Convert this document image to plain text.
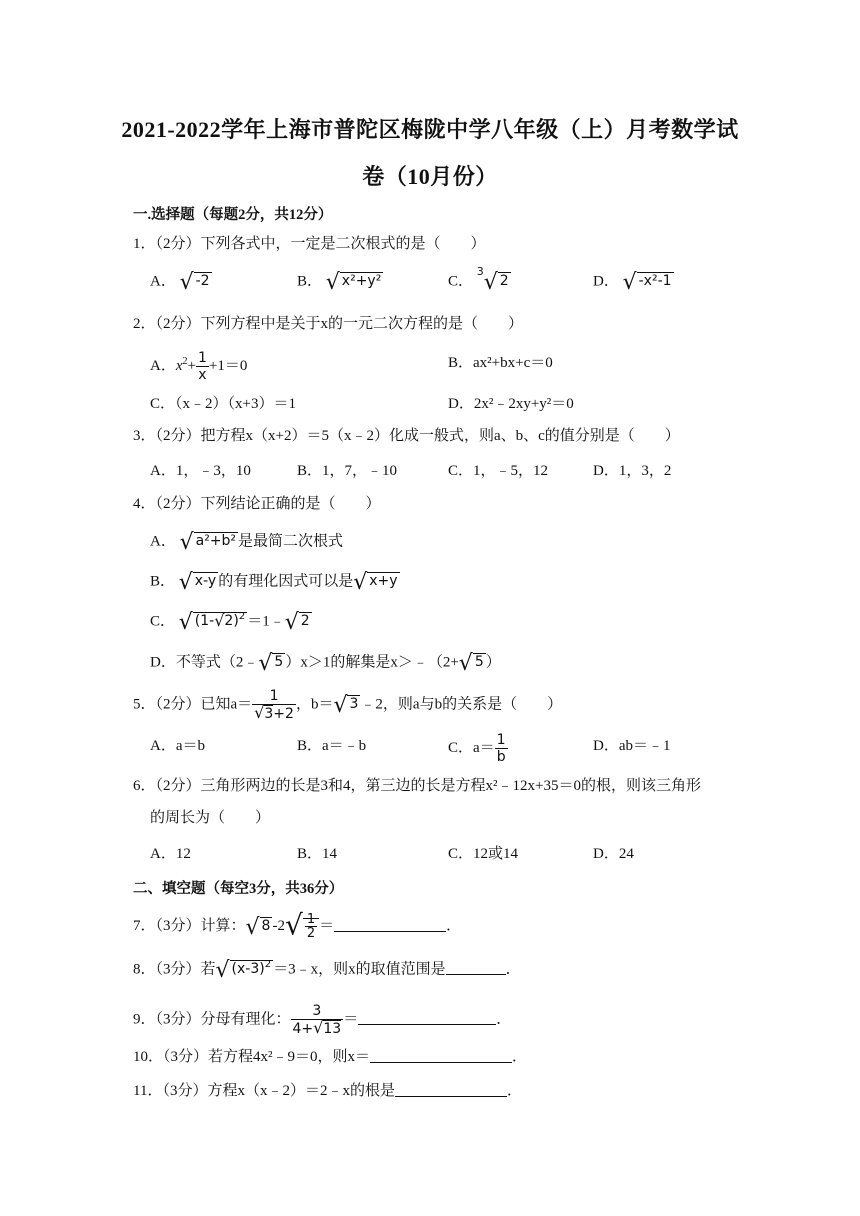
2021-2022学年上海市普陀区梅陇中学八年级（上）月考数学试
卷（10月份）
一.选择题（每题2分，共12分）
1．（2分）下列各式中，一定是二次根式的是（　　）
A． √ -2	B． √ x²+y²	C． $^3$√ 2	D． √ -x²-1
2．（2分）下列方程中是关于x的一元二次方程的是（　　）
A．$x^2+ \frac{1}{x} +1=0$	B．ax²+bx+c＝0
C．（x﹣2）（x+3）＝1	D．2x²﹣2xy+y²＝0
3．（2分）把方程x（x+2）＝5（x﹣2）化成一般式，则a、b、c的值分别是（　　）
A．1，﹣3，10	B．1，7，﹣10	C．1，﹣5，12	D．1，3，2
4．（2分）下列结论正确的是（　　）
A． √ a²+b² 是最简二次根式
B． √ x-y 的有理化因式可以是√ x+y
C． √ $(1-√2)^2$ ＝1﹣√ 2
D．不等式（2﹣√ 5 ）x＞1的解集是x＞﹣（2+√ 5 ）
5．（2分）已知$a= \frac{1}{√3+2}$ ，b＝√ 3 ﹣2，则a与b的关系是（　　）
A．a＝b	B．a＝﹣b	C．$a= \frac{1}{b}$	D．ab＝﹣1
6．（2分）三角形两边的长是3和4，第三边的长是方程x²﹣12x+35＝0的根，则该三角形
的周长为（　　）
A．12	B．14	C．12或14	D．24
二、填空题（每空3分，共36分）
7．（3分）计算：√ 8 $-2√ \frac{1}{2}$ ＝	．
8．（3分）若√ $(x-3)^2$ ＝3﹣x，则x的取值范围是	．
9．（3分）分母有理化： $\frac{3}{4+√13}$ ＝	．
10．（3分）若方程4x²﹣9＝0，则x＝	．
11．（3分）方程x（x﹣2）＝2﹣x的根是	．
